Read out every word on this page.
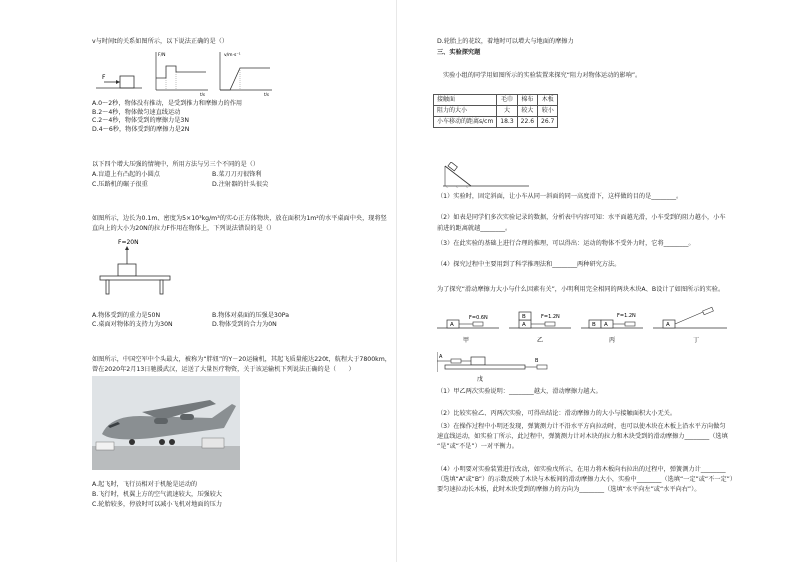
v与时间t的关系如图所示，以下说法正确的是（）
F
F/N
t/s
v/m·s⁻¹
t/s
A.0～2秒，物体没有推动，是受到推力和摩擦力的作用
B.2～4秒，物体做匀速直线运动
C.2～4秒，物体受到的摩擦力是3N
D.4～6秒，物体受到的摩擦力是2N
以下四个增大压强的情境中，所用方法与另三个不同的是（）
A.盲道上有凸起的小圆点	B.菜刀刀刃很锋利
C.压路机的碾子很重	D.注射器的针头很尖
如图所示，边长为0.1m、密度为5×10³kg/m³的实心正方体物块，放在面积为1m²的水平桌面中央，现将竖
直向上的大小为20N的拉力F作用在物体上，下列说法错误的是（）
F=20N
A.物体受到的重力是50N	B.物体对桌面的压强是30Pa
C.桌面对物体的支持力为30N	D.物体受到的合力为0N
如图所示，中国空军中个头最大，被称为“胖妞”的Y－20运输机，其起飞质量能达220t，航程大于7800km，
曾在2020年2月13日驰援武汉，运送了大量医疗物资，关于该运输机下列说法正确的是（　　）
A.起飞时，飞行员相对于机舱是运动的
B.飞行时，机翼上方的空气流速较大，压强较大
C.轮胎较多，停放时可以减小飞机对地面的压力
D.轮胎上的花纹，着地时可以增大与地面的摩擦力
三、实验探究题
实验小组的同学用如图所示的实验装置来探究“阻力对物体运动的影响”。
接触面	毛巾	棉布	木板
阻力的大小	大	较大	较小
小车移动的距离s/cm	18.3	22.6	26.7
（1）实验时，固定斜面，让小车从同一斜面的同一高度滑下，这样做的目的是________。
（2）如表是同学们多次实验记录的数据，分析表中内容可知：水平面越光滑，小车受到的阻力越小，小车
前进的距离就越________。
（3）在此实验的基础上进行合理的推理，可以得出：运动的物体不受外力时，它将________。
（4）探究过程中主要用到了科学推理法和________两种研究方法。
为了探究“滑动摩擦力大小与什么因素有关”，小明利用完全相同的两块木块A、B设计了如图所示的实验。
A
F=0.6N
甲
A
B	F=1.2N
乙
B A
F=1.2N
丙
A
丁
A
B
戊
（1）甲乙两次实验说明：________越大，滑动摩擦力越大。
（2）比较实验乙、丙两次实验，可得出结论：滑动摩擦力的大小与接触面积大小无关。
（3）在操作过程中小明还发现，弹簧测力计不沿水平方向拉动时，也可以使木块在木板上沿水平方向做匀
速直线运动，如实验丁所示，此过程中，弹簧测力计对木块的拉力和木块受到的滑动摩擦力________（选填
“是”或“不是”）一对平衡力。
（4）小明要对实验装置进行改动，如实验戊所示，在用力将木板向右拉出的过程中，弹簧测力计________
（选填“A”或“B”）的示数反映了木块与木板间的滑动摩擦力大小，实验中________（选填“一定”或“不一定”）
要匀速拉动长木板，此时木块受到的摩擦力的方向为________（选填“水平向左”或“水平向右”）。
